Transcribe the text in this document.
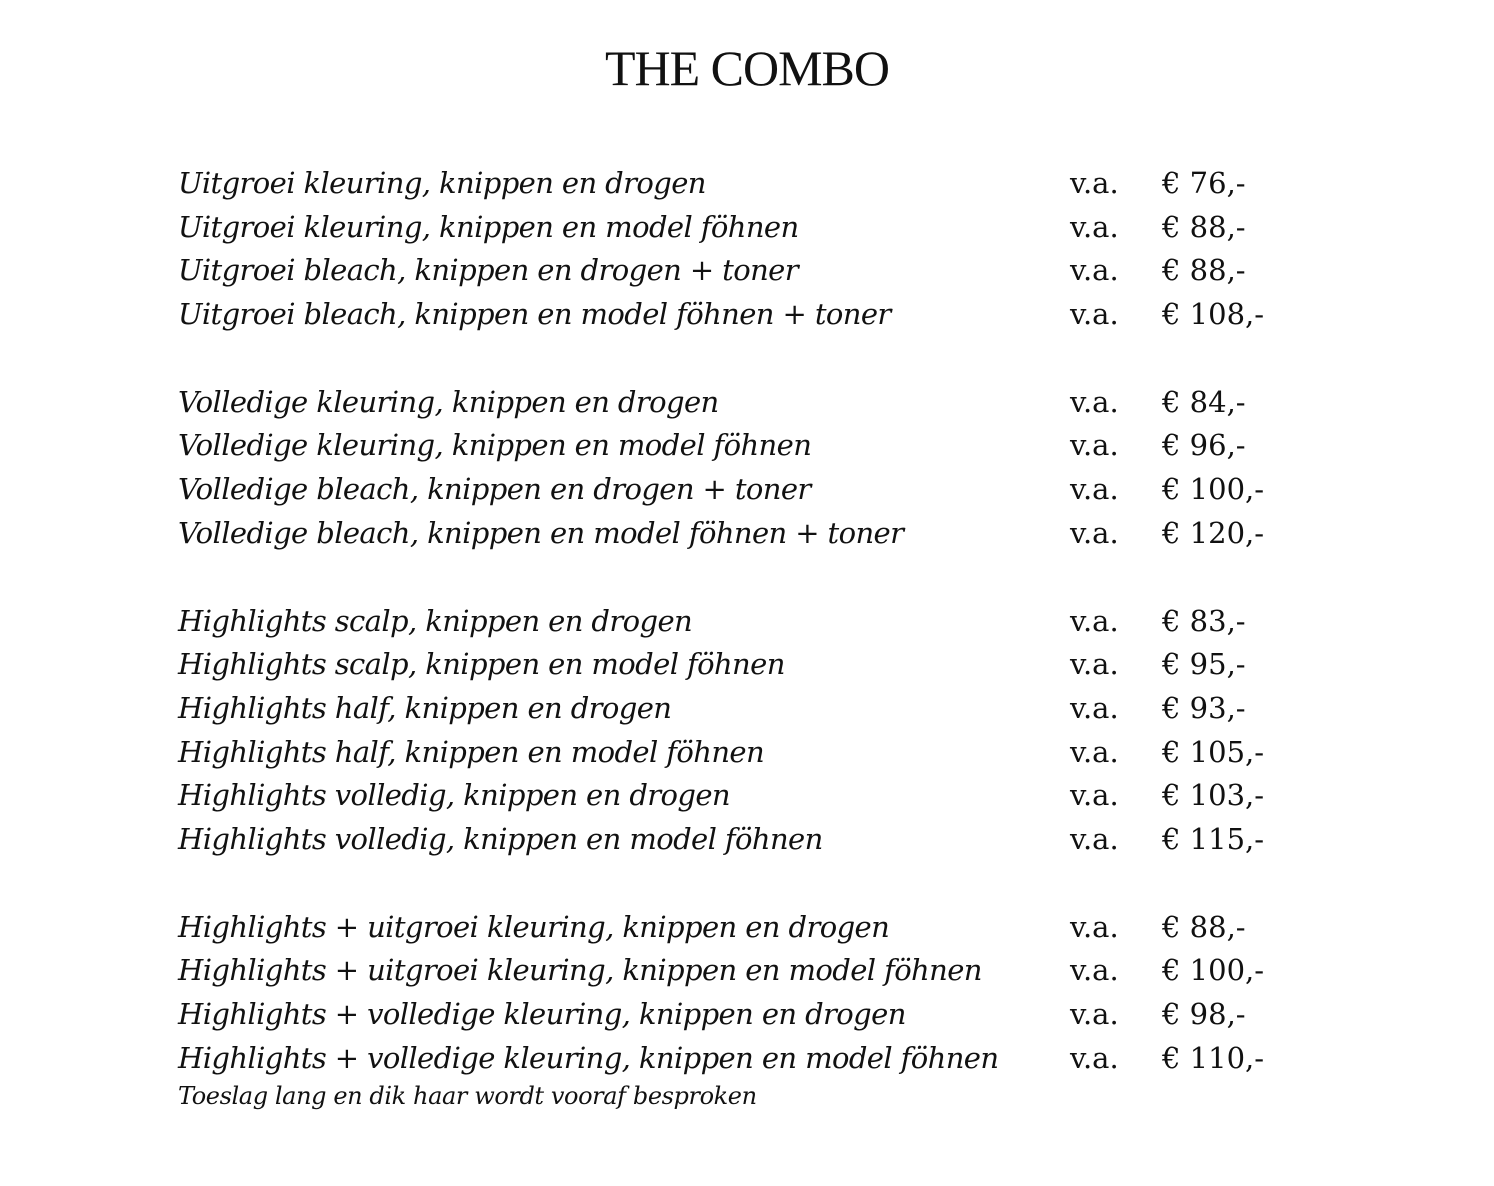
THE COMBO
Uitgroei kleuring, knippen en drogen	v.a.	€ 76,-
Uitgroei kleuring, knippen en model föhnen	v.a.	€ 88,-
Uitgroei bleach, knippen en drogen + toner	v.a.	€ 88,-
Uitgroei bleach, knippen en model föhnen + toner	v.a.	€ 108,-
Volledige kleuring, knippen en drogen	v.a.	€ 84,-
Volledige kleuring, knippen en model föhnen	v.a.	€ 96,-
Volledige bleach, knippen en drogen + toner	v.a.	€ 100,-
Volledige bleach, knippen en model föhnen + toner	v.a.	€ 120,-
Highlights scalp, knippen en drogen	v.a.	€ 83,-
Highlights scalp, knippen en model föhnen	v.a.	€ 95,-
Highlights half, knippen en drogen	v.a.	€ 93,-
Highlights half, knippen en model föhnen	v.a.	€ 105,-
Highlights volledig, knippen en drogen	v.a.	€ 103,-
Highlights volledig, knippen en model föhnen	v.a.	€ 115,-
Highlights + uitgroei kleuring, knippen en drogen	v.a.	€ 88,-
Highlights + uitgroei kleuring, knippen en model föhnen	v.a.	€ 100,-
Highlights + volledige kleuring, knippen en drogen	v.a.	€ 98,-
Highlights + volledige kleuring, knippen en model föhnen	v.a.	€ 110,-
Toeslag lang en dik haar wordt vooraf besproken
